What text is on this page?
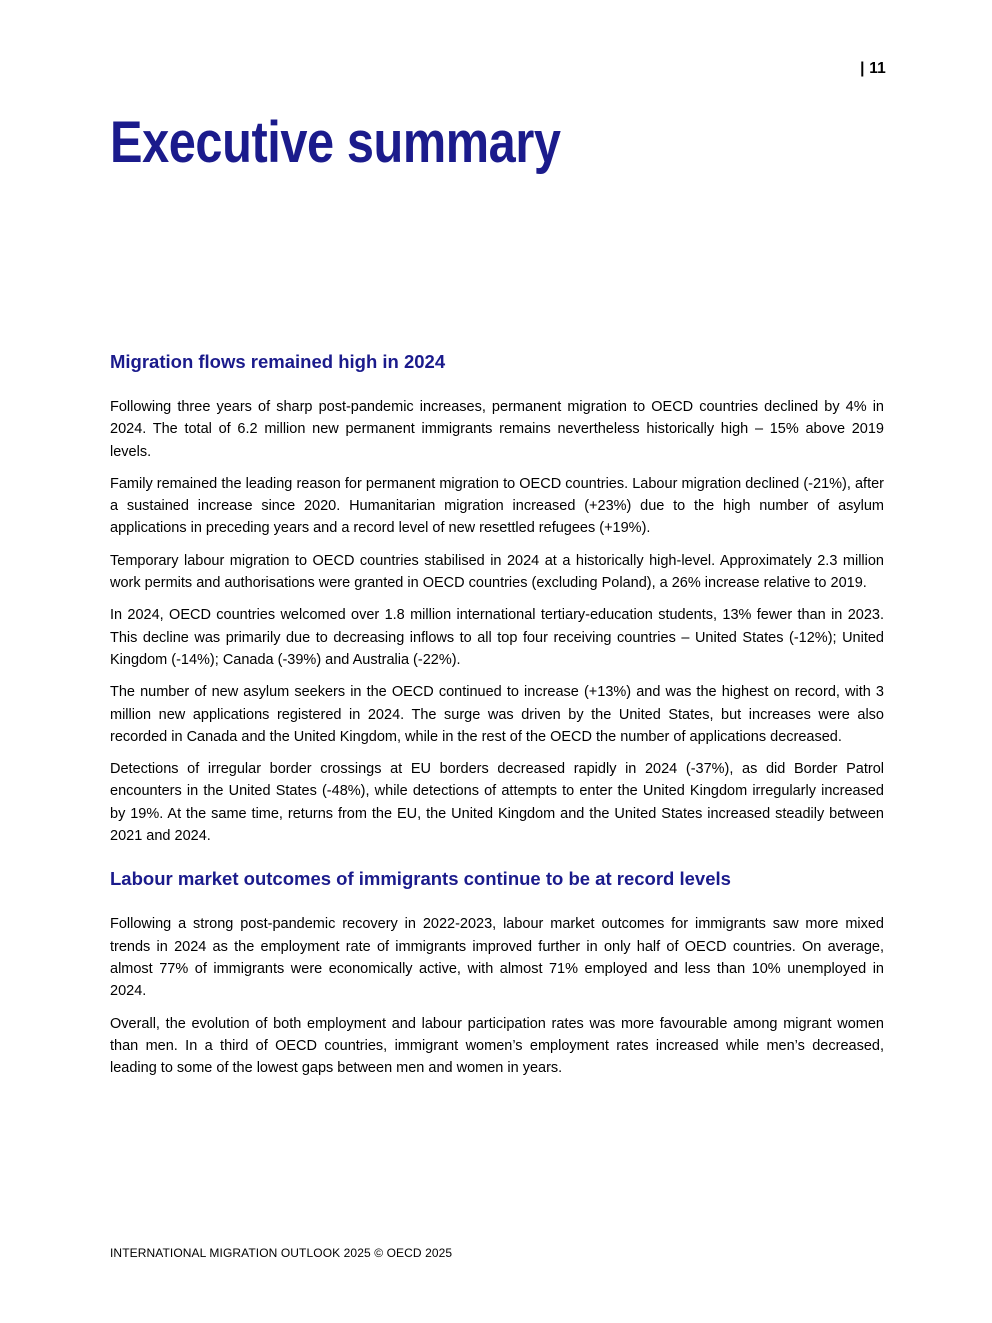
| 11
Executive summary
Migration flows remained high in 2024

Following three years of sharp post-pandemic increases, permanent migration to OECD countries declined by 4% in 2024. The total of 6.2 million new permanent immigrants remains nevertheless historically high – 15% above 2019 levels.

Family remained the leading reason for permanent migration to OECD countries. Labour migration declined (-21%), after a sustained increase since 2020. Humanitarian migration increased (+23%) due to the high number of asylum applications in preceding years and a record level of new resettled refugees (+19%).

Temporary labour migration to OECD countries stabilised in 2024 at a historically high-level. Approximately 2.3 million work permits and authorisations were granted in OECD countries (excluding Poland), a 26% increase relative to 2019.

In 2024, OECD countries welcomed over 1.8 million international tertiary-education students, 13% fewer than in 2023. This decline was primarily due to decreasing inflows to all top four receiving countries – United States (-12%); United Kingdom (-14%); Canada (-39%) and Australia (-22%).

The number of new asylum seekers in the OECD continued to increase (+13%) and was the highest on record, with 3 million new applications registered in 2024. The surge was driven by the United States, but increases were also recorded in Canada and the United Kingdom, while in the rest of the OECD the number of applications decreased.

Detections of irregular border crossings at EU borders decreased rapidly in 2024 (-37%), as did Border Patrol encounters in the United States (-48%), while detections of attempts to enter the United Kingdom irregularly increased by 19%. At the same time, returns from the EU, the United Kingdom and the United States increased steadily between 2021 and 2024.

Labour market outcomes of immigrants continue to be at record levels

Following a strong post-pandemic recovery in 2022-2023, labour market outcomes for immigrants saw more mixed trends in 2024 as the employment rate of immigrants improved further in only half of OECD countries. On average, almost 77% of immigrants were economically active, with almost 71% employed and less than 10% unemployed in 2024.

Overall, the evolution of both employment and labour participation rates was more favourable among migrant women than men. In a third of OECD countries, immigrant women’s employment rates increased while men’s decreased, leading to some of the lowest gaps between men and women in years.

INTERNATIONAL MIGRATION OUTLOOK 2025 © OECD 2025
